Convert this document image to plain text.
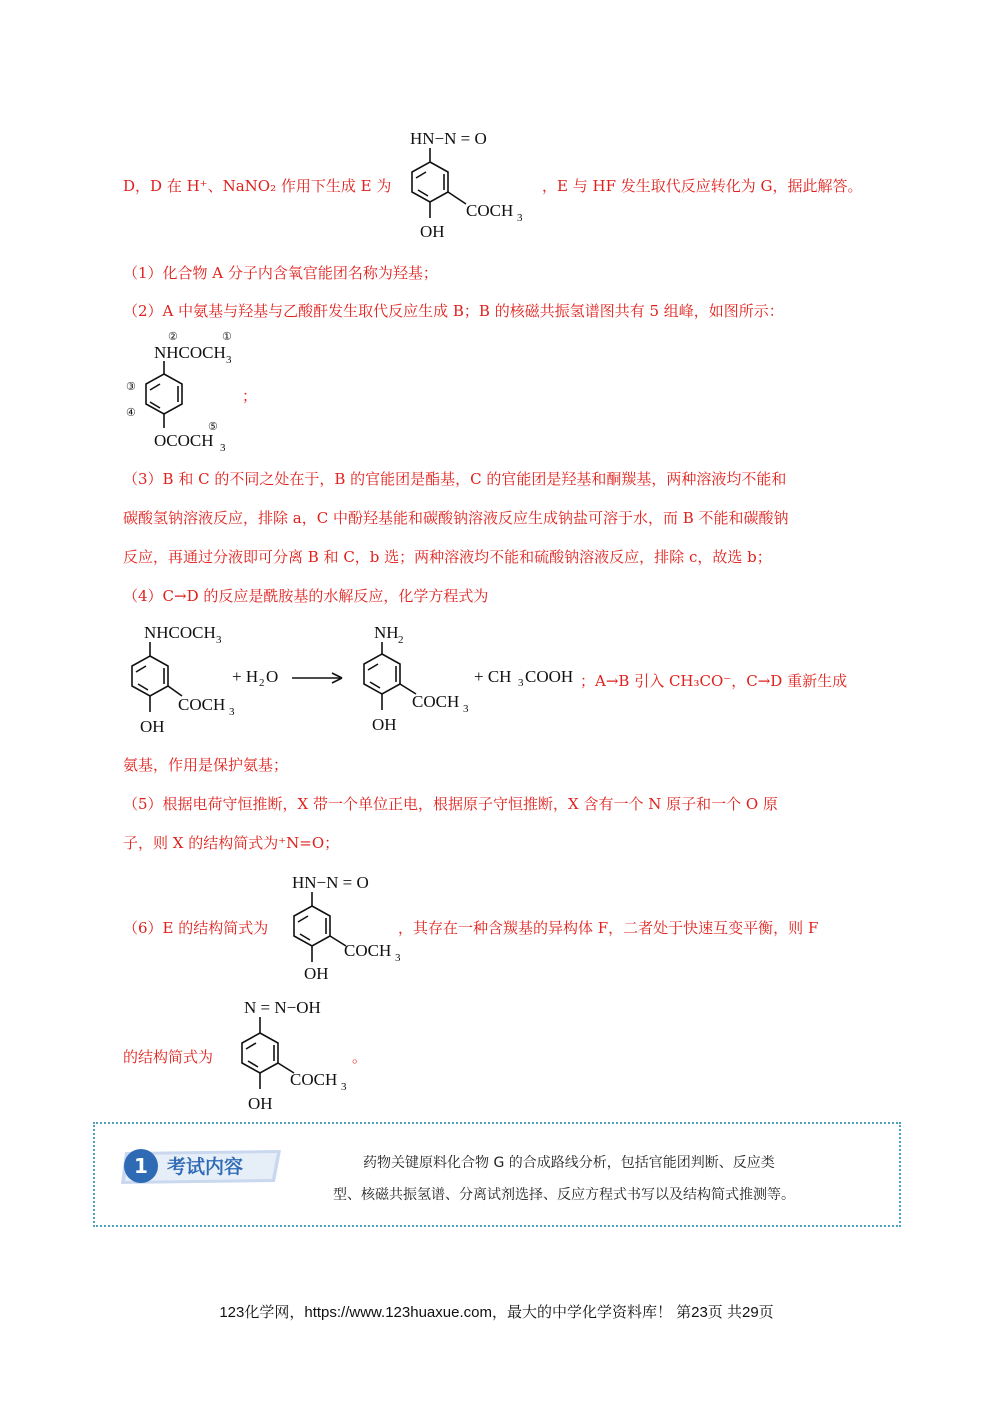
D，D 在 H⁺、NaNO₂ 作用下生成 E 为
HN−N = O
COCH 3
OH
，E 与 HF 发生取代反应转化为 G，据此解答。
（1）化合物 A 分子内含氧官能团名称为羟基；
（2）A 中氨基与羟基与乙酸酐发生取代反应生成 B；B 的核磁共振氢谱图共有 5 组峰，如图所示：
②	①
NHCOCH 3
③
④
⑤
OCOCH 3
；
（3）B 和 C 的不同之处在于，B 的官能团是酯基，C 的官能团是羟基和酮羰基，两种溶液均不能和
碳酸氢钠溶液反应，排除 a，C 中酚羟基能和碳酸钠溶液反应生成钠盐可溶于水，而 B 不能和碳酸钠
反应，再通过分液即可分离 B 和 C，b 选；两种溶液均不能和硫酸钠溶液反应，排除 c，故选 b；
（4）C→D 的反应是酰胺基的水解反应，化学方程式为
NHCOCH 3
COCH 3
OH
+ H 2 O
NH 2
COCH 3
OH
+ CH 3 COOH ；A→B 引入 CH₃CO⁻，C→D 重新生成
氨基，作用是保护氨基；
（5）根据电荷守恒推断，X 带一个单位正电，根据原子守恒推断，X 含有一个 N 原子和一个 O 原
子，则 X 的结构简式为⁺N=O；
（6）E 的结构简式为
HN−N = O
COCH 3
OH
，其存在一种含羰基的异构体 F，二者处于快速互变平衡，则 F
的结构简式为
N = N−OH
COCH 3
OH
。
1 考试内容	药物关键原料化合物 G 的合成路线分析，包括官能团判断、反应类
型、核磁共振氢谱、分离试剂选择、反应方程式书写以及结构简式推测等。
123化学网，https://www.123huaxue.com，最大的中学化学资料库！ 第23页 共29页
